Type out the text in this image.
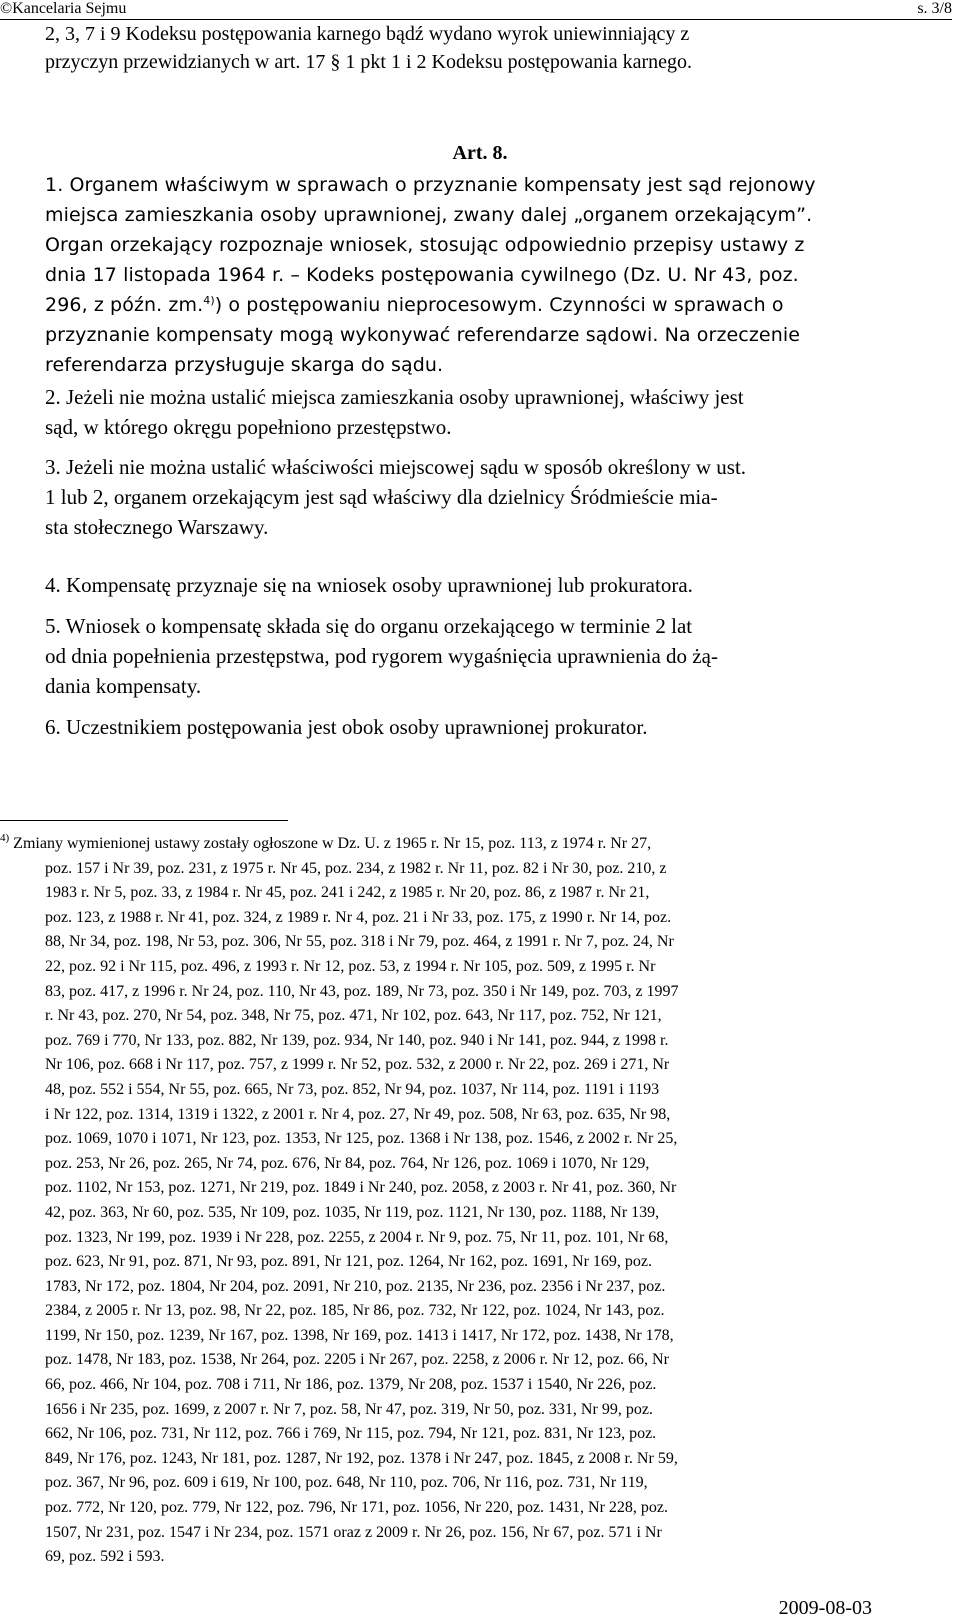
©Kancelaria Sejmu	s. 3/8
2, 3, 7 i 9 Kodeksu postępowania karnego bądź wydano wyrok uniewinniający z
przyczyn przewidzianych w art. 17 § 1 pkt 1 i 2 Kodeksu postępowania karnego.
Art. 8.
1. Organem właściwym w sprawach o przyznanie kompensaty jest sąd rejonowy
miejsca zamieszkania osoby uprawnionej, zwany dalej „organem orzekającym”.
Organ orzekający rozpoznaje wniosek, stosując odpowiednio przepisy ustawy z
dnia 17 listopada 1964 r. – Kodeks postępowania cywilnego (Dz. U. Nr 43, poz.
296, z późn. zm.$^{4)}$) o postępowaniu nieprocesowym. Czynności w sprawach o
przyznanie kompensaty mogą wykonywać referendarze sądowi. Na orzeczenie
referendarza przysługuje skarga do sądu.
2. Jeżeli nie można ustalić miejsca zamieszkania osoby uprawnionej, właściwy jest
sąd, w którego okręgu popełniono przestępstwo.
3. Jeżeli nie można ustalić właściwości miejscowej sądu w sposób określony w ust.
1 lub 2, organem orzekającym jest sąd właściwy dla dzielnicy Śródmieście mia-
sta stołecznego Warszawy.
4. Kompensatę przyznaje się na wniosek osoby uprawnionej lub prokuratora.
5. Wniosek o kompensatę składa się do organu orzekającego w terminie 2 lat
od dnia popełnienia przestępstwa, pod rygorem wygaśnięcia uprawnienia do żą-
dania kompensaty.
6. Uczestnikiem postępowania jest obok osoby uprawnionej prokurator.
$^{4)}$ Zmiany wymienionej ustawy zostały ogłoszone w Dz. U. z 1965 r. Nr 15, poz. 113, z 1974 r. Nr 27,
poz. 157 i Nr 39, poz. 231, z 1975 r. Nr 45, poz. 234, z 1982 r. Nr 11, poz. 82 i Nr 30, poz. 210, z
1983 r. Nr 5, poz. 33, z 1984 r. Nr 45, poz. 241 i 242, z 1985 r. Nr 20, poz. 86, z 1987 r. Nr 21,
poz. 123, z 1988 r. Nr 41, poz. 324, z 1989 r. Nr 4, poz. 21 i Nr 33, poz. 175, z 1990 r. Nr 14, poz.
88, Nr 34, poz. 198, Nr 53, poz. 306, Nr 55, poz. 318 i Nr 79, poz. 464, z 1991 r. Nr 7, poz. 24, Nr
22, poz. 92 i Nr 115, poz. 496, z 1993 r. Nr 12, poz. 53, z 1994 r. Nr 105, poz. 509, z 1995 r. Nr
83, poz. 417, z 1996 r. Nr 24, poz. 110, Nr 43, poz. 189, Nr 73, poz. 350 i Nr 149, poz. 703, z 1997
r. Nr 43, poz. 270, Nr 54, poz. 348, Nr 75, poz. 471, Nr 102, poz. 643, Nr 117, poz. 752, Nr 121,
poz. 769 i 770, Nr 133, poz. 882, Nr 139, poz. 934, Nr 140, poz. 940 i Nr 141, poz. 944, z 1998 r.
Nr 106, poz. 668 i Nr 117, poz. 757, z 1999 r. Nr 52, poz. 532, z 2000 r. Nr 22, poz. 269 i 271, Nr
48, poz. 552 i 554, Nr 55, poz. 665, Nr 73, poz. 852, Nr 94, poz. 1037, Nr 114, poz. 1191 i 1193
i Nr 122, poz. 1314, 1319 i 1322, z 2001 r. Nr 4, poz. 27, Nr 49, poz. 508, Nr 63, poz. 635, Nr 98,
poz. 1069, 1070 i 1071, Nr 123, poz. 1353, Nr 125, poz. 1368 i Nr 138, poz. 1546, z 2002 r. Nr 25,
poz. 253, Nr 26, poz. 265, Nr 74, poz. 676, Nr 84, poz. 764, Nr 126, poz. 1069 i 1070, Nr 129,
poz. 1102, Nr 153, poz. 1271, Nr 219, poz. 1849 i Nr 240, poz. 2058, z 2003 r. Nr 41, poz. 360, Nr
42, poz. 363, Nr 60, poz. 535, Nr 109, poz. 1035, Nr 119, poz. 1121, Nr 130, poz. 1188, Nr 139,
poz. 1323, Nr 199, poz. 1939 i Nr 228, poz. 2255, z 2004 r. Nr 9, poz. 75, Nr 11, poz. 101, Nr 68,
poz. 623, Nr 91, poz. 871, Nr 93, poz. 891, Nr 121, poz. 1264, Nr 162, poz. 1691, Nr 169, poz.
1783, Nr 172, poz. 1804, Nr 204, poz. 2091, Nr 210, poz. 2135, Nr 236, poz. 2356 i Nr 237, poz.
2384, z 2005 r. Nr 13, poz. 98, Nr 22, poz. 185, Nr 86, poz. 732, Nr 122, poz. 1024, Nr 143, poz.
1199, Nr 150, poz. 1239, Nr 167, poz. 1398, Nr 169, poz. 1413 i 1417, Nr 172, poz. 1438, Nr 178,
poz. 1478, Nr 183, poz. 1538, Nr 264, poz. 2205 i Nr 267, poz. 2258, z 2006 r. Nr 12, poz. 66, Nr
66, poz. 466, Nr 104, poz. 708 i 711, Nr 186, poz. 1379, Nr 208, poz. 1537 i 1540, Nr 226, poz.
1656 i Nr 235, poz. 1699, z 2007 r. Nr 7, poz. 58, Nr 47, poz. 319, Nr 50, poz. 331, Nr 99, poz.
662, Nr 106, poz. 731, Nr 112, poz. 766 i 769, Nr 115, poz. 794, Nr 121, poz. 831, Nr 123, poz.
849, Nr 176, poz. 1243, Nr 181, poz. 1287, Nr 192, poz. 1378 i Nr 247, poz. 1845, z 2008 r. Nr 59,
poz. 367, Nr 96, poz. 609 i 619, Nr 100, poz. 648, Nr 110, poz. 706, Nr 116, poz. 731, Nr 119,
poz. 772, Nr 120, poz. 779, Nr 122, poz. 796, Nr 171, poz. 1056, Nr 220, poz. 1431, Nr 228, poz.
1507, Nr 231, poz. 1547 i Nr 234, poz. 1571 oraz z 2009 r. Nr 26, poz. 156, Nr 67, poz. 571 i Nr
69, poz. 592 i 593.
2009-08-03
